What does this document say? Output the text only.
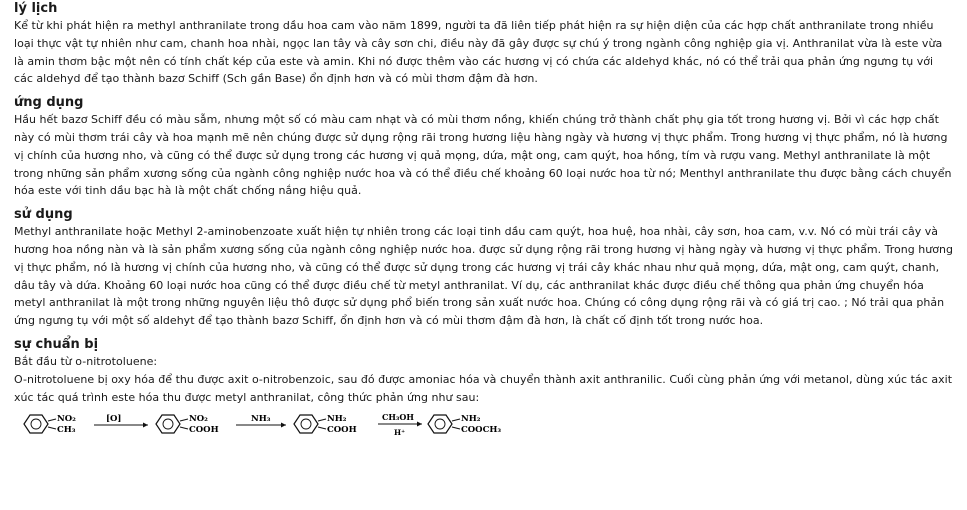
lý lịch

Kể từ khi phát hiện ra methyl anthranilate trong dầu hoa cam vào năm 1899, người ta đã liên tiếp phát hiện ra sự hiện diện của các hợp chất anthranilate trong nhiều loại thực vật tự nhiên như cam, chanh hoa nhài, ngọc lan tây và cây sơn chi, điều này đã gây được sự chú ý trong ngành công nghiệp gia vị. Anthranilat vừa là este vừa là amin thơm bậc một nên có tính chất kép của este và amin. Khi nó được thêm vào các hương vị có chứa các aldehyd khác, nó có thể trải qua phản ứng ngưng tụ với các aldehyd để tạo thành bazơ Schiff (Sch gần Base) ổn định hơn và có mùi thơm đậm đà hơn.

ứng dụng

Hầu hết bazơ Schiff đều có màu sẫm, nhưng một số có màu cam nhạt và có mùi thơm nồng, khiến chúng trở thành chất phụ gia tốt trong hương vị. Bởi vì các hợp chất này có mùi thơm trái cây và hoa mạnh mẽ nên chúng được sử dụng rộng rãi trong hương liệu hàng ngày và hương vị thực phẩm. Trong hương vị thực phẩm, nó là hương vị chính của hương nho, và cũng có thể được sử dụng trong các hương vị quả mọng, dứa, mật ong, cam quýt, hoa hồng, tím và rượu vang. Methyl anthranilate là một trong những sản phẩm xương sống của ngành công nghiệp nước hoa và có thể điều chế khoảng 60 loại nước hoa từ nó; Menthyl anthranilate thu được bằng cách chuyển hóa este với tinh dầu bạc hà là một chất chống nắng hiệu quả.

sử dụng

Methyl anthranilate hoặc Methyl 2-aminobenzoate xuất hiện tự nhiên trong các loại tinh dầu cam quýt, hoa huệ, hoa nhài, cây sơn, hoa cam, v.v. Nó có mùi trái cây và hương hoa nồng nàn và là sản phẩm xương sống của ngành công nghiệp nước hoa. được sử dụng rộng rãi trong hương vị hàng ngày và hương vị thực phẩm. Trong hương vị thực phẩm, nó là hương vị chính của hương nho, và cũng có thể được sử dụng trong các hương vị trái cây khác nhau như quả mọng, dứa, mật ong, cam quýt, chanh, dâu tây và dứa. Khoảng 60 loại nước hoa cũng có thể được điều chế từ metyl anthranilat. Ví dụ, các anthranilat khác được điều chế thông qua phản ứng chuyển hóa metyl anthranilat là một trong những nguyên liệu thô được sử dụng phổ biến trong sản xuất nước hoa. Chúng có công dụng rộng rãi và có giá trị cao. ; Nó trải qua phản ứng ngưng tụ với một số aldehyt để tạo thành bazơ Schiff, ổn định hơn và có mùi thơm đậm đà hơn, là chất cố định tốt trong nước hoa.

sự chuẩn bị

Bắt đầu từ o-nitrotoluene:

O-nitrotoluene bị oxy hóa để thu được axit o-nitrobenzoic, sau đó được amoniac hóa và chuyển thành axit anthranilic. Cuối cùng phản ứng với metanol, dùng xúc tác axit xúc tác quá trình este hóa thu được metyl anthranilat, công thức phản ứng như sau:

NO₂
CH₃
[O]	NO₂
COOH
NH₃	NH₂
COOH
CH₃OH
H⁺
NH₂
COOCH₃
